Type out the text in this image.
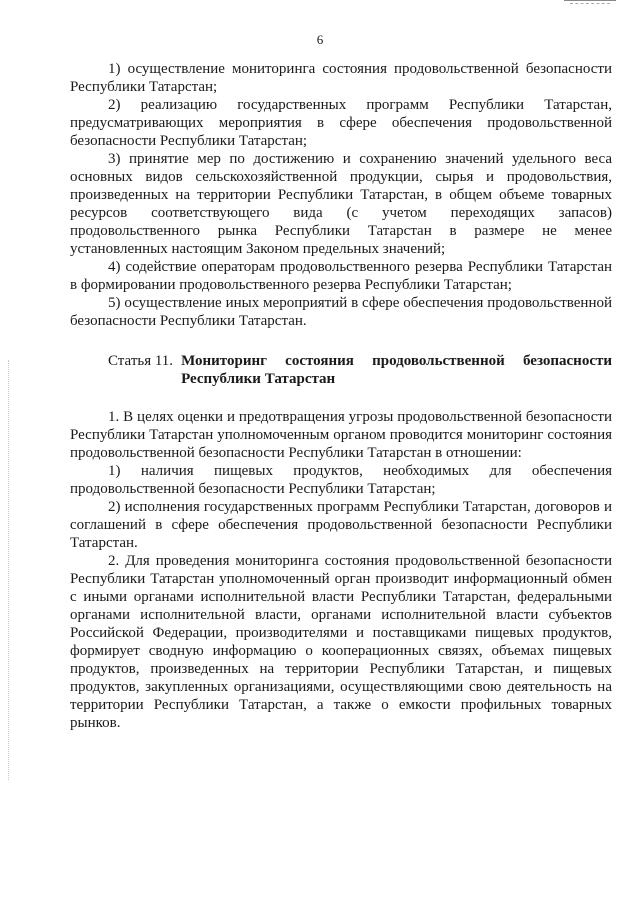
6

1) осуществление мониторинга состояния продовольственной безопасности Республики Татарстан;

2) реализацию государственных программ Республики Татарстан, предусматривающих мероприятия в сфере обеспечения продовольственной безопасности Республики Татарстан;

3) принятие мер по достижению и сохранению значений удельного веса основных видов сельскохозяйственной продукции, сырья и продовольствия, произведенных на территории Республики Татарстан, в общем объеме товарных ресурсов соответствующего вида (с учетом переходящих запасов) продовольственного рынка Республики Татарстан в размере не менее установленных настоящим Законом предельных значений;

4) содействие операторам продовольственного резерва Республики Татарстан в формировании продовольственного резерва Республики Татарстан;

5) осуществление иных мероприятий в сфере обеспечения продовольственной безопасности Республики Татарстан.

Статья 11. Мониторинг состояния продовольственной безопасности Республики Татарстан

1. В целях оценки и предотвращения угрозы продовольственной безопасности Республики Татарстан уполномоченным органом проводится мониторинг состояния продовольственной безопасности Республики Татарстан в отношении:

1) наличия пищевых продуктов, необходимых для обеспечения продовольственной безопасности Республики Татарстан;

2) исполнения государственных программ Республики Татарстан, договоров и соглашений в сфере обеспечения продовольственной безопасности Республики Татарстан.

2. Для проведения мониторинга состояния продовольственной безопасности Республики Татарстан уполномоченный орган производит информационный обмен с иными органами исполнительной власти Республики Татарстан, федеральными органами исполнительной власти, органами исполнительной власти субъектов Российской Федерации, производителями и поставщиками пищевых продуктов, формирует сводную информацию о кооперационных связях, объемах пищевых продуктов, произведенных на территории Республики Татарстан, и пищевых продуктов, закупленных организациями, осуществляющими свою деятельность на территории Республики Татарстан, а также о емкости профильных товарных рынков.
